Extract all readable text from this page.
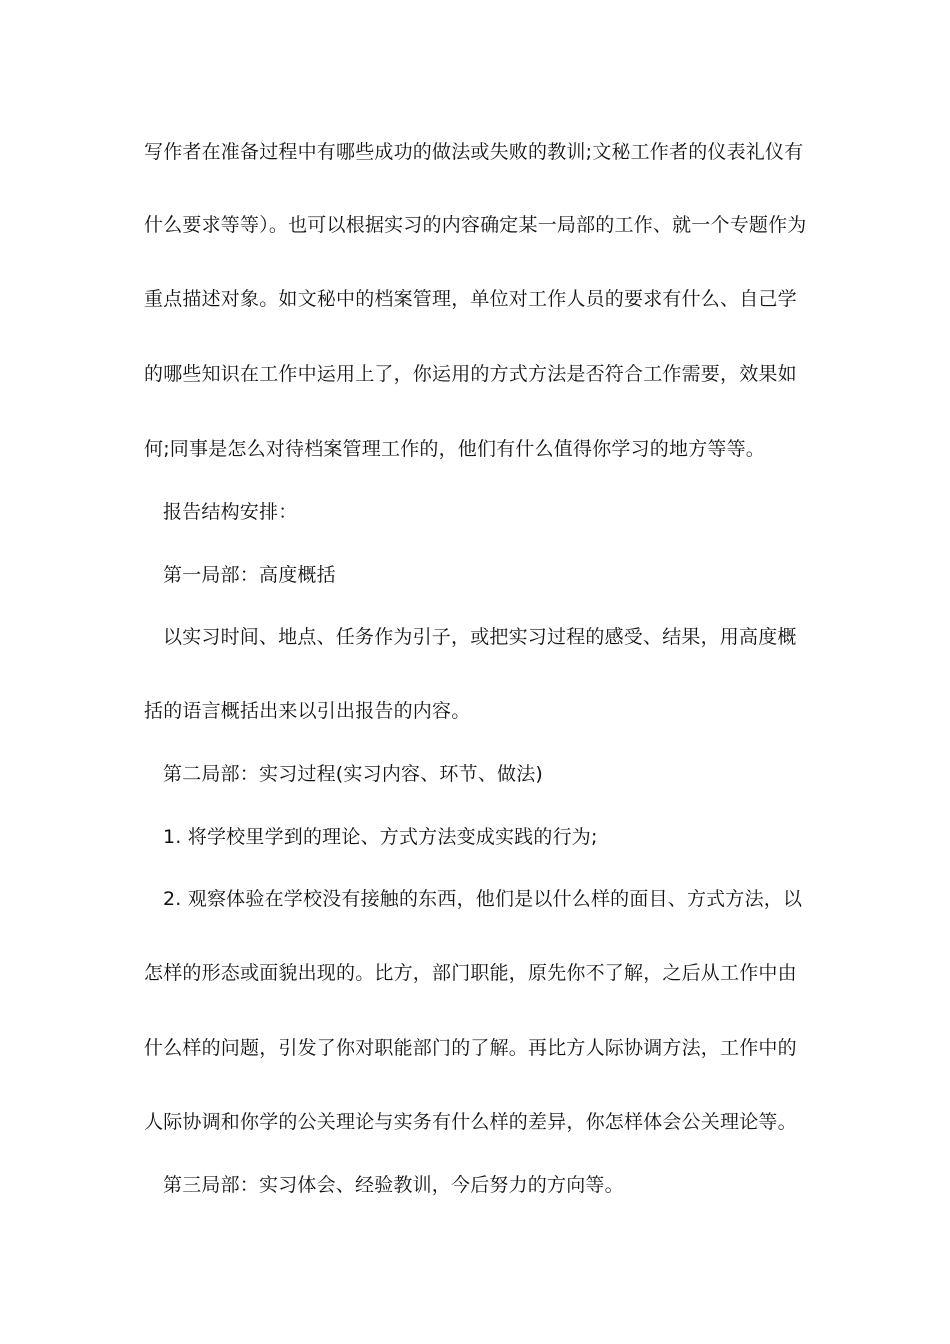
写作者在准备过程中有哪些成功的做法或失败的教训;文秘工作者的仪表礼仪有
什么要求等等）。也可以根据实习的内容确定某一局部的工作、就一个专题作为
重点描述对象。如文秘中的档案管理，单位对工作人员的要求有什么、自己学
的哪些知识在工作中运用上了，你运用的方式方法是否符合工作需要，效果如
何;同事是怎么对待档案管理工作的，他们有什么值得你学习的地方等等。
报告结构安排：
第一局部：高度概括
以实习时间、地点、任务作为引子，或把实习过程的感受、结果，用高度概
括的语言概括出来以引出报告的内容。
第二局部：实习过程(实习内容、环节、做法)
1. 将学校里学到的理论、方式方法变成实践的行为;
2. 观察体验在学校没有接触的东西，他们是以什么样的面目、方式方法，以
怎样的形态或面貌出现的。比方，部门职能，原先你不了解，之后从工作中由
什么样的问题，引发了你对职能部门的了解。再比方人际协调方法，工作中的
人际协调和你学的公关理论与实务有什么样的差异，你怎样体会公关理论等。
第三局部：实习体会、经验教训，今后努力的方向等。
